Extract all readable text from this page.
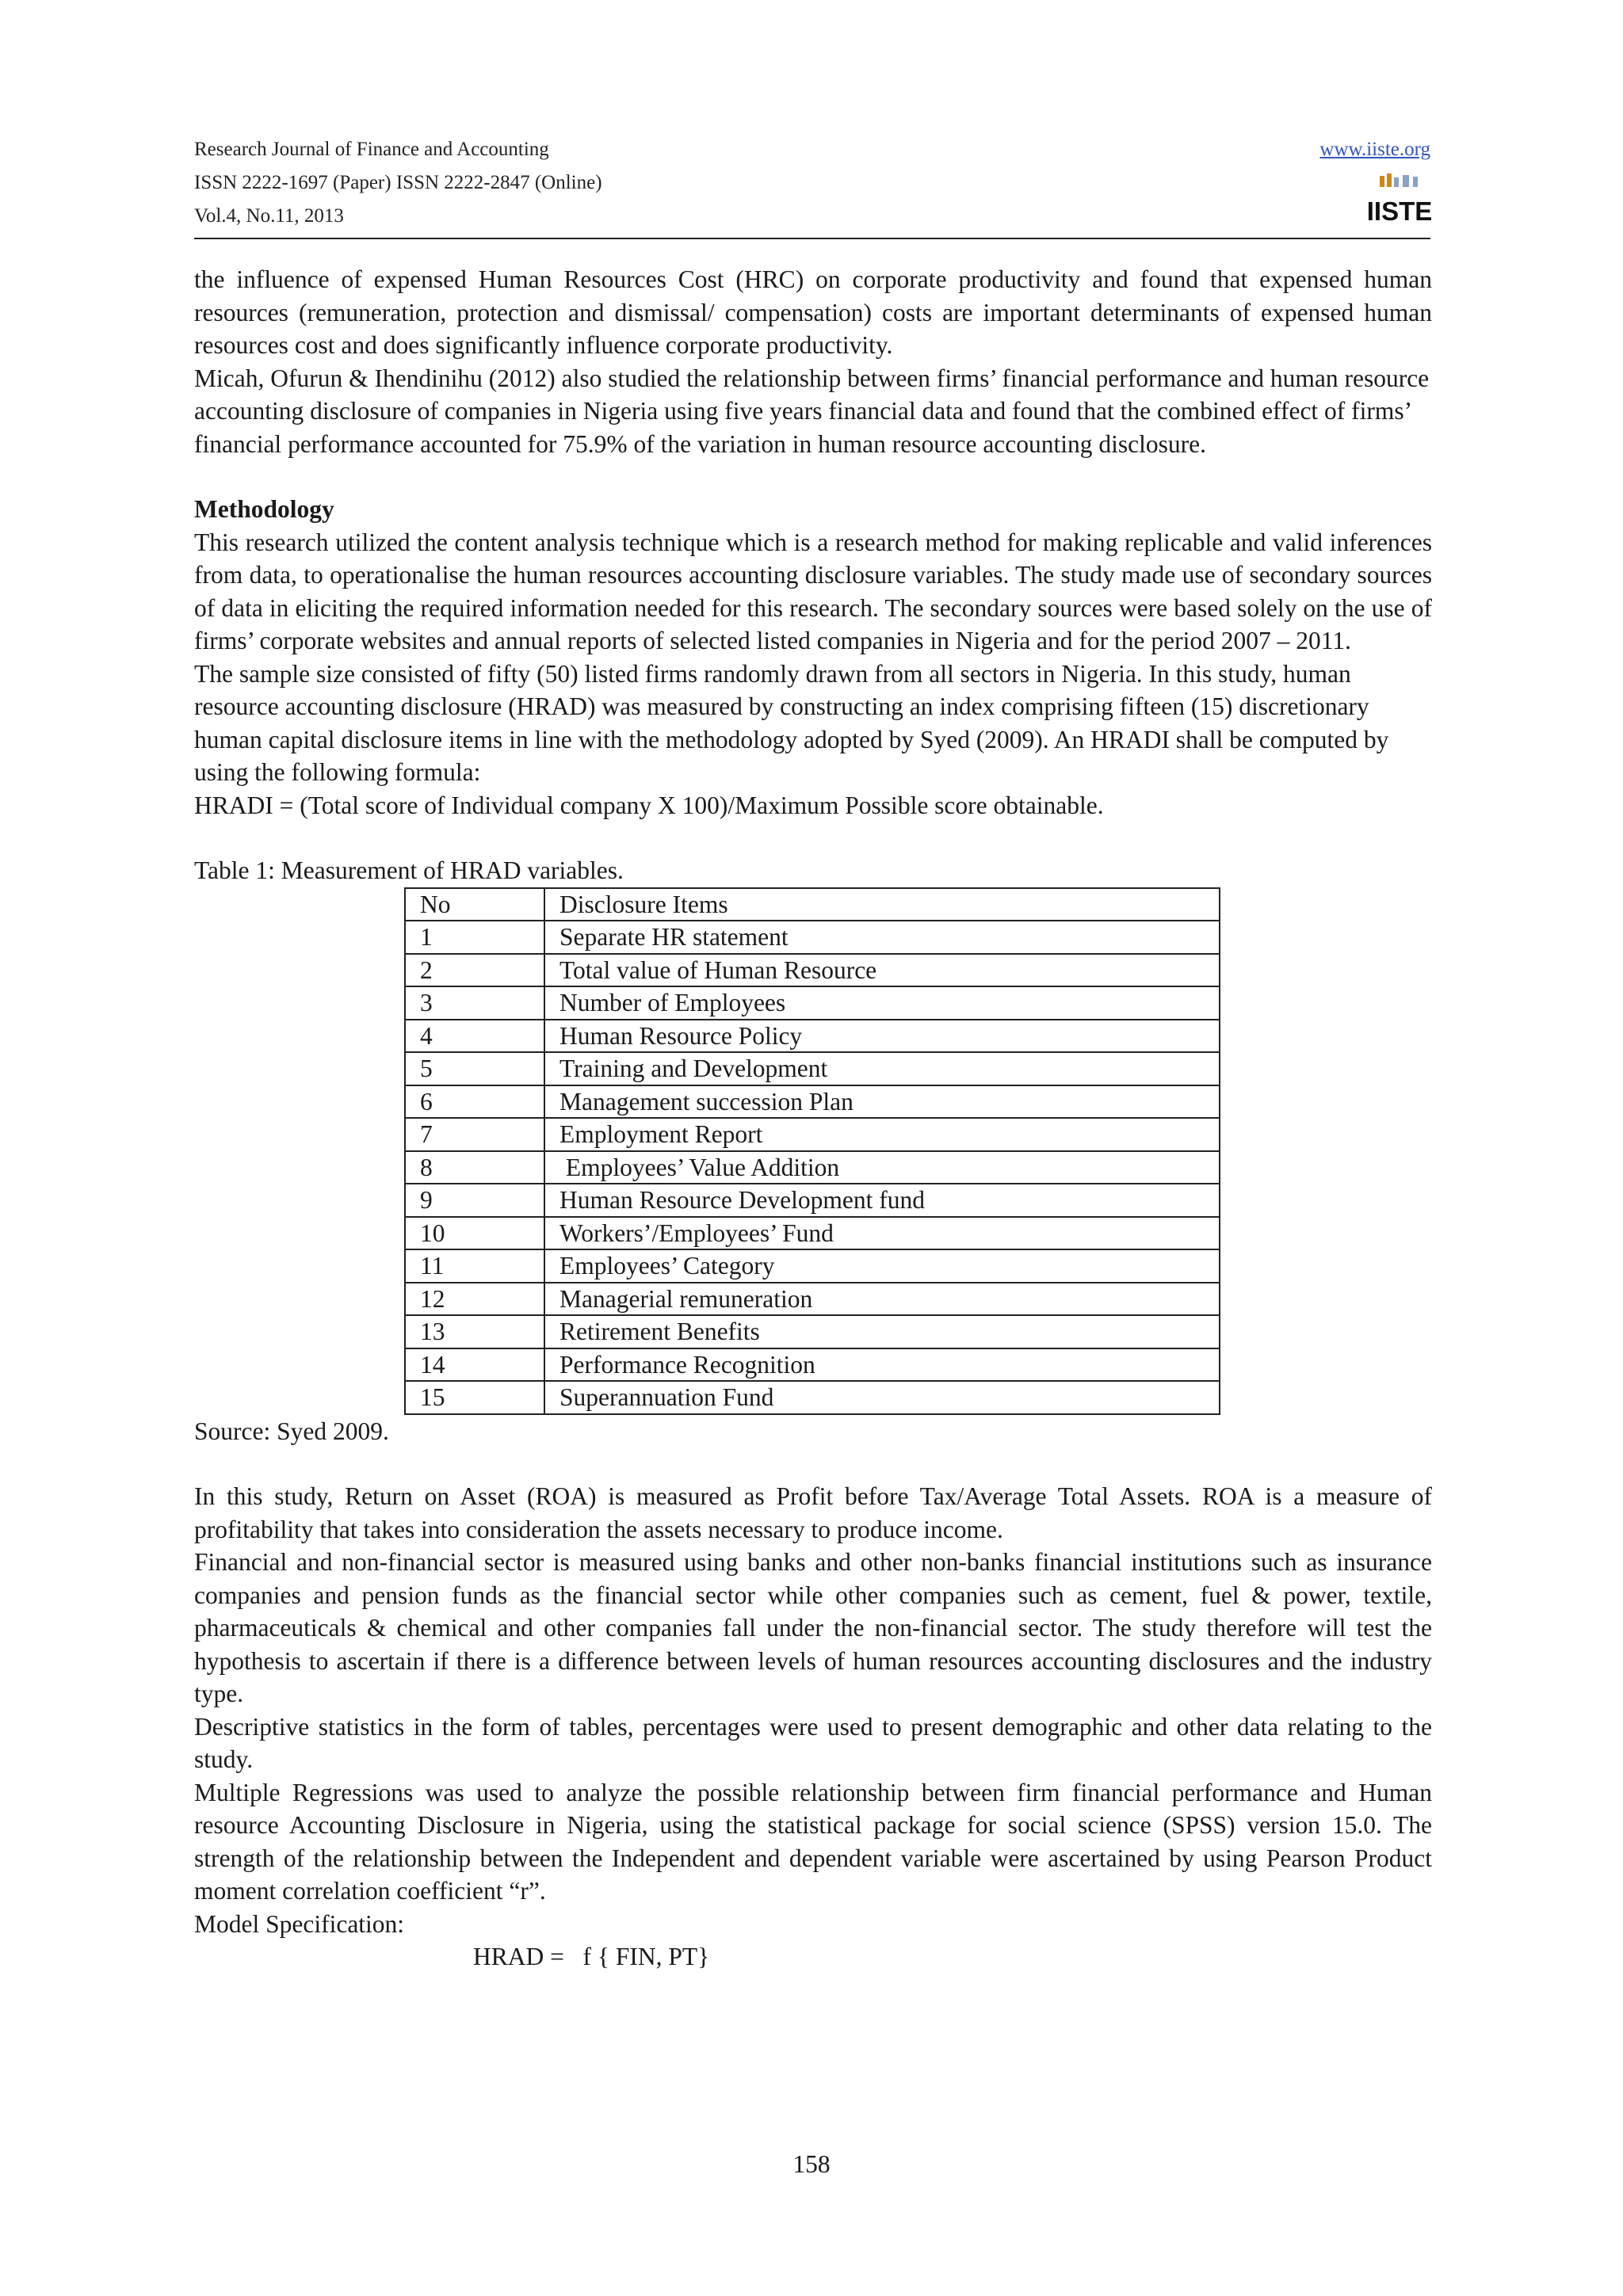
Research Journal of Finance and Accounting
ISSN 2222-1697 (Paper) ISSN 2222-2847 (Online)
Vol.4, No.11, 2013
www.iiste.org
IISTE

the influence of expensed Human Resources Cost (HRC) on corporate productivity and found that expensed human resources (remuneration, protection and dismissal/ compensation) costs are important determinants of expensed human resources cost and does significantly influence corporate productivity.

Micah, Ofurun & Ihendinihu (2012) also studied the relationship between firms’ financial performance and human resource accounting disclosure of companies in Nigeria using five years financial data and found that the combined effect of firms’ financial performance accounted for 75.9% of the variation in human resource accounting disclosure.

Methodology

This research utilized the content analysis technique which is a research method for making replicable and valid inferences from data, to operationalise the human resources accounting disclosure variables. The study made use of secondary sources of data in eliciting the required information needed for this research. The secondary sources were based solely on the use of firms’ corporate websites and annual reports of selected listed companies in Nigeria and for the period 2007 – 2011.

The sample size consisted of fifty (50) listed firms randomly drawn from all sectors in Nigeria. In this study, human resource accounting disclosure (HRAD) was measured by constructing an index comprising fifteen (15) discretionary human capital disclosure items in line with the methodology adopted by Syed (2009). An HRADI shall be computed by using the following formula:

HRADI = (Total score of Individual company X 100)/Maximum Possible score obtainable.

Table 1: Measurement of HRAD variables.

No	Disclosure Items
1	Separate HR statement
2	Total value of Human Resource
3	Number of Employees
4	Human Resource Policy
5	Training and Development
6	Management succession Plan
7	Employment Report
8	Employees’ Value Addition
9	Human Resource Development fund
10	Workers’/Employees’ Fund
11	Employees’ Category
12	Managerial remuneration
13	Retirement Benefits
14	Performance Recognition
15	Superannuation Fund

Source: Syed 2009.

In this study, Return on Asset (ROA) is measured as Profit before Tax/Average Total Assets. ROA is a measure of profitability that takes into consideration the assets necessary to produce income.

Financial and non-financial sector is measured using banks and other non-banks financial institutions such as insurance companies and pension funds as the financial sector while other companies such as cement, fuel & power, textile, pharmaceuticals & chemical and other companies fall under the non-financial sector. The study therefore will test the hypothesis to ascertain if there is a difference between levels of human resources accounting disclosures and the industry type.

Descriptive statistics in the form of tables, percentages were used to present demographic and other data relating to the study.

Multiple Regressions was used to analyze the possible relationship between firm financial performance and Human resource Accounting Disclosure in Nigeria, using the statistical package for social science (SPSS) version 15.0. The strength of the relationship between the Independent and dependent variable were ascertained by using Pearson Product moment correlation coefficient “r”.

Model Specification:

HRAD =   f { FIN, PT}

158
